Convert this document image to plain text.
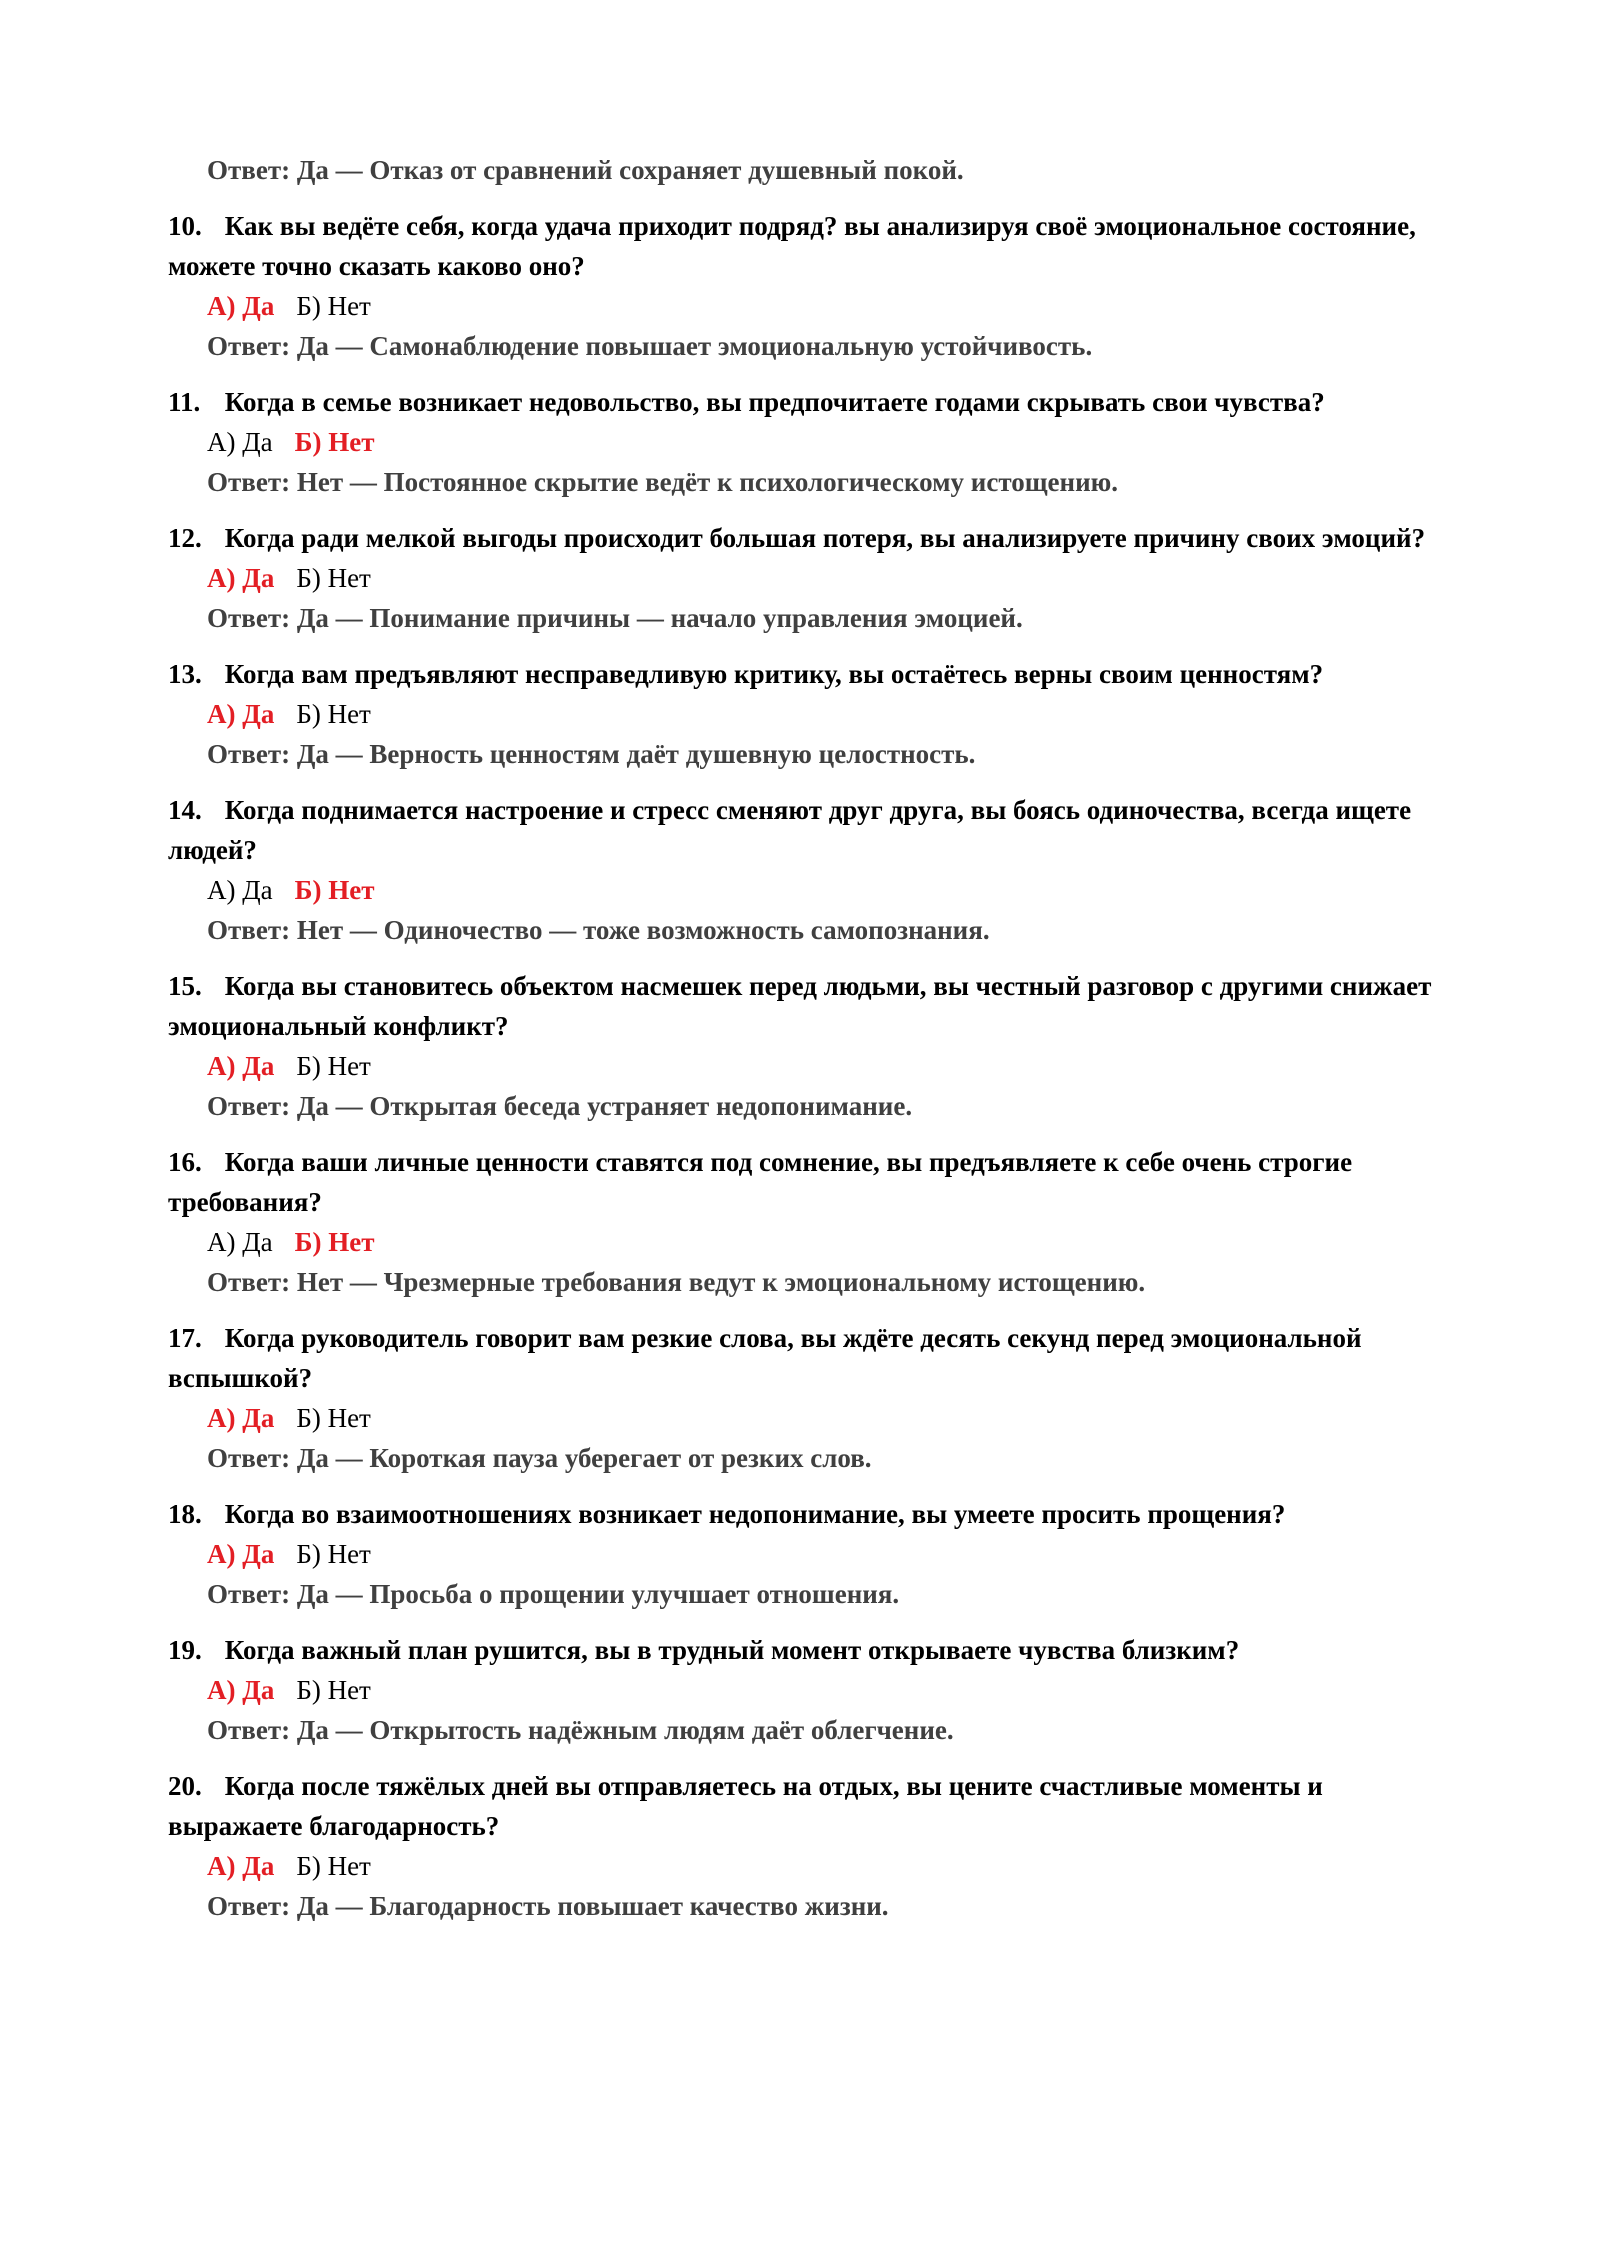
Ответ: Да — Отказ от сравнений сохраняет душевный покой.
10. Как вы ведёте себя, когда удача приходит подряд? вы анализируя своё эмоциональное состояние, можете точно сказать каково оно?
А) Да Б) Нет
Ответ: Да — Самонаблюдение повышает эмоциональную устойчивость.
11. Когда в семье возникает недовольство, вы предпочитаете годами скрывать свои чувства?
А) Да Б) Нет
Ответ: Нет — Постоянное скрытие ведёт к психологическому истощению.
12. Когда ради мелкой выгоды происходит большая потеря, вы анализируете причину своих эмоций?
А) Да Б) Нет
Ответ: Да — Понимание причины — начало управления эмоцией.
13. Когда вам предъявляют несправедливую критику, вы остаётесь верны своим ценностям?
А) Да Б) Нет
Ответ: Да — Верность ценностям даёт душевную целостность.
14. Когда поднимается настроение и стресс сменяют друг друга, вы боясь одиночества, всегда ищете людей?
А) Да Б) Нет
Ответ: Нет — Одиночество — тоже возможность самопознания.
15. Когда вы становитесь объектом насмешек перед людьми, вы честный разговор с другими снижает эмоциональный конфликт?
А) Да Б) Нет
Ответ: Да — Открытая беседа устраняет недопонимание.
16. Когда ваши личные ценности ставятся под сомнение, вы предъявляете к себе очень строгие требования?
А) Да Б) Нет
Ответ: Нет — Чрезмерные требования ведут к эмоциональному истощению.
17. Когда руководитель говорит вам резкие слова, вы ждёте десять секунд перед эмоциональной вспышкой?
А) Да Б) Нет
Ответ: Да — Короткая пауза уберегает от резких слов.
18. Когда во взаимоотношениях возникает недопонимание, вы умеете просить прощения?
А) Да Б) Нет
Ответ: Да — Просьба о прощении улучшает отношения.
19. Когда важный план рушится, вы в трудный момент открываете чувства близким?
А) Да Б) Нет
Ответ: Да — Открытость надёжным людям даёт облегчение.
20. Когда после тяжёлых дней вы отправляетесь на отдых, вы цените счастливые моменты и выражаете благодарность?
А) Да Б) Нет
Ответ: Да — Благодарность повышает качество жизни.
